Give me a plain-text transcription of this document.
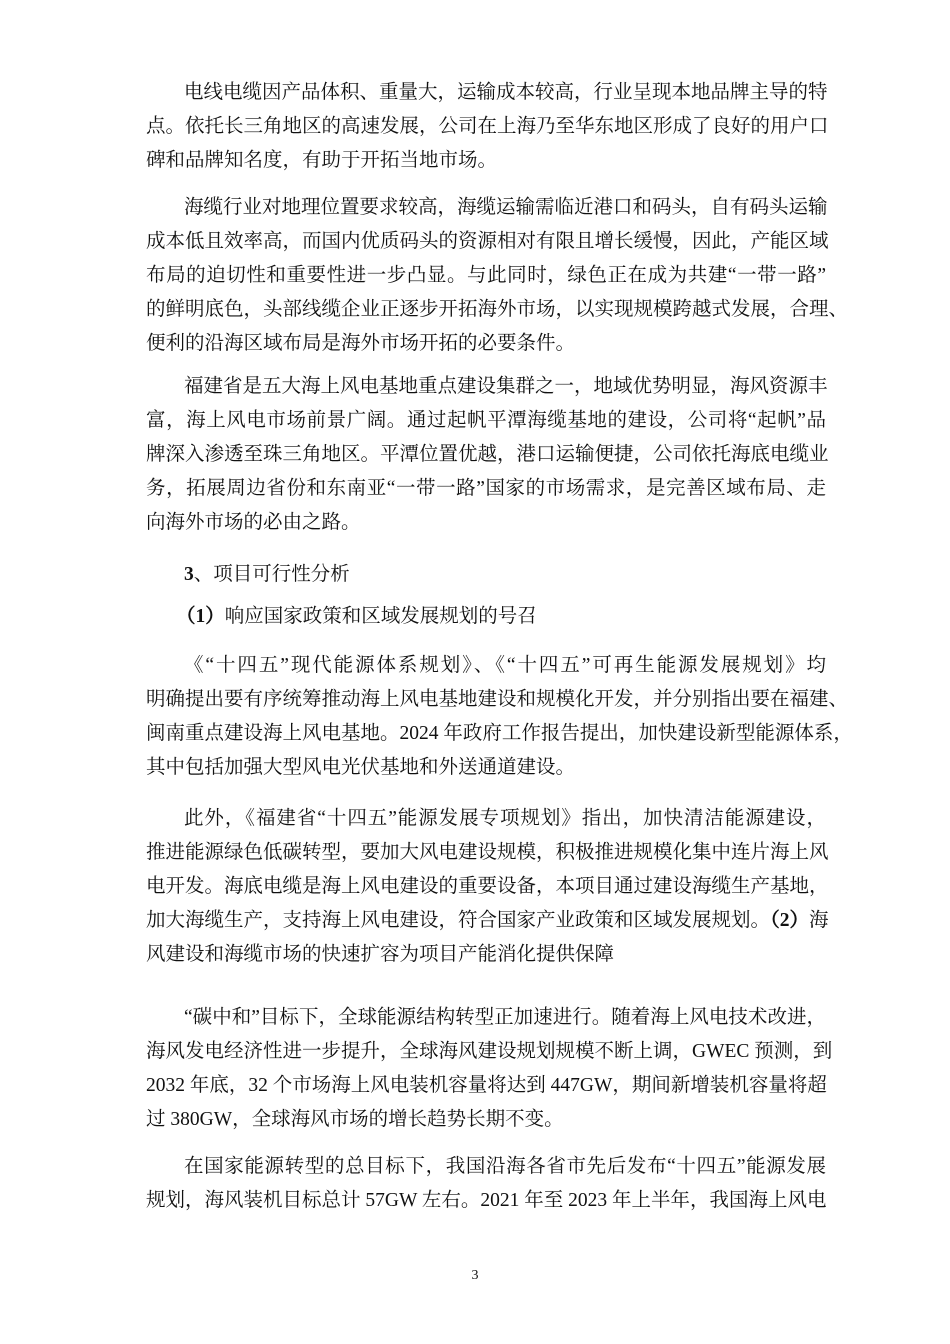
电线电缆因产品体积、重量大，运输成本较高，行业呈现本地品牌主导的特
点。依托长三角地区的高速发展，公司在上海乃至华东地区形成了良好的用户口
碑和品牌知名度，有助于开拓当地市场。
海缆行业对地理位置要求较高，海缆运输需临近港口和码头，自有码头运输
成本低且效率高，而国内优质码头的资源相对有限且增长缓慢，因此，产能区域
布局的迫切性和重要性进一步凸显。与此同时，绿色正在成为共建“一带一路”
的鲜明底色，头部线缆企业正逐步开拓海外市场，以实现规模跨越式发展，合理、
便利的沿海区域布局是海外市场开拓的必要条件。
福建省是五大海上风电基地重点建设集群之一，地域优势明显，海风资源丰
富，海上风电市场前景广阔。通过起帆平潭海缆基地的建设，公司将“起帆”品
牌深入渗透至珠三角地区。平潭位置优越，港口运输便捷，公司依托海底电缆业
务，拓展周边省份和东南亚“一带一路”国家的市场需求，是完善区域布局、走
向海外市场的必由之路。
3、项目可行性分析
（1）响应国家政策和区域发展规划的号召
《“十四五”现代能源体系规划》、《“十四五”可再生能源发展规划》均
明确提出要有序统筹推动海上风电基地建设和规模化开发，并分别指出要在福建、
闽南重点建设海上风电基地。2024 年政府工作报告提出，加快建设新型能源体系，
其中包括加强大型风电光伏基地和外送通道建设。
此外，《福建省“十四五”能源发展专项规划》指出，加快清洁能源建设，
推进能源绿色低碳转型，要加大风电建设规模，积极推进规模化集中连片海上风
电开发。海底电缆是海上风电建设的重要设备，本项目通过建设海缆生产基地，
加大海缆生产，支持海上风电建设，符合国家产业政策和区域发展规划。（2）海
风建设和海缆市场的快速扩容为项目产能消化提供保障
“碳中和”目标下，全球能源结构转型正加速进行。随着海上风电技术改进，
海风发电经济性进一步提升，全球海风建设规划规模不断上调，GWEC 预测，到
2032 年底，32 个市场海上风电装机容量将达到 447GW，期间新增装机容量将超
过 380GW，全球海风市场的增长趋势长期不变。
在国家能源转型的总目标下，我国沿海各省市先后发布“十四五”能源发展
规划，海风装机目标总计 57GW 左右。2021 年至 2023 年上半年，我国海上风电
3
